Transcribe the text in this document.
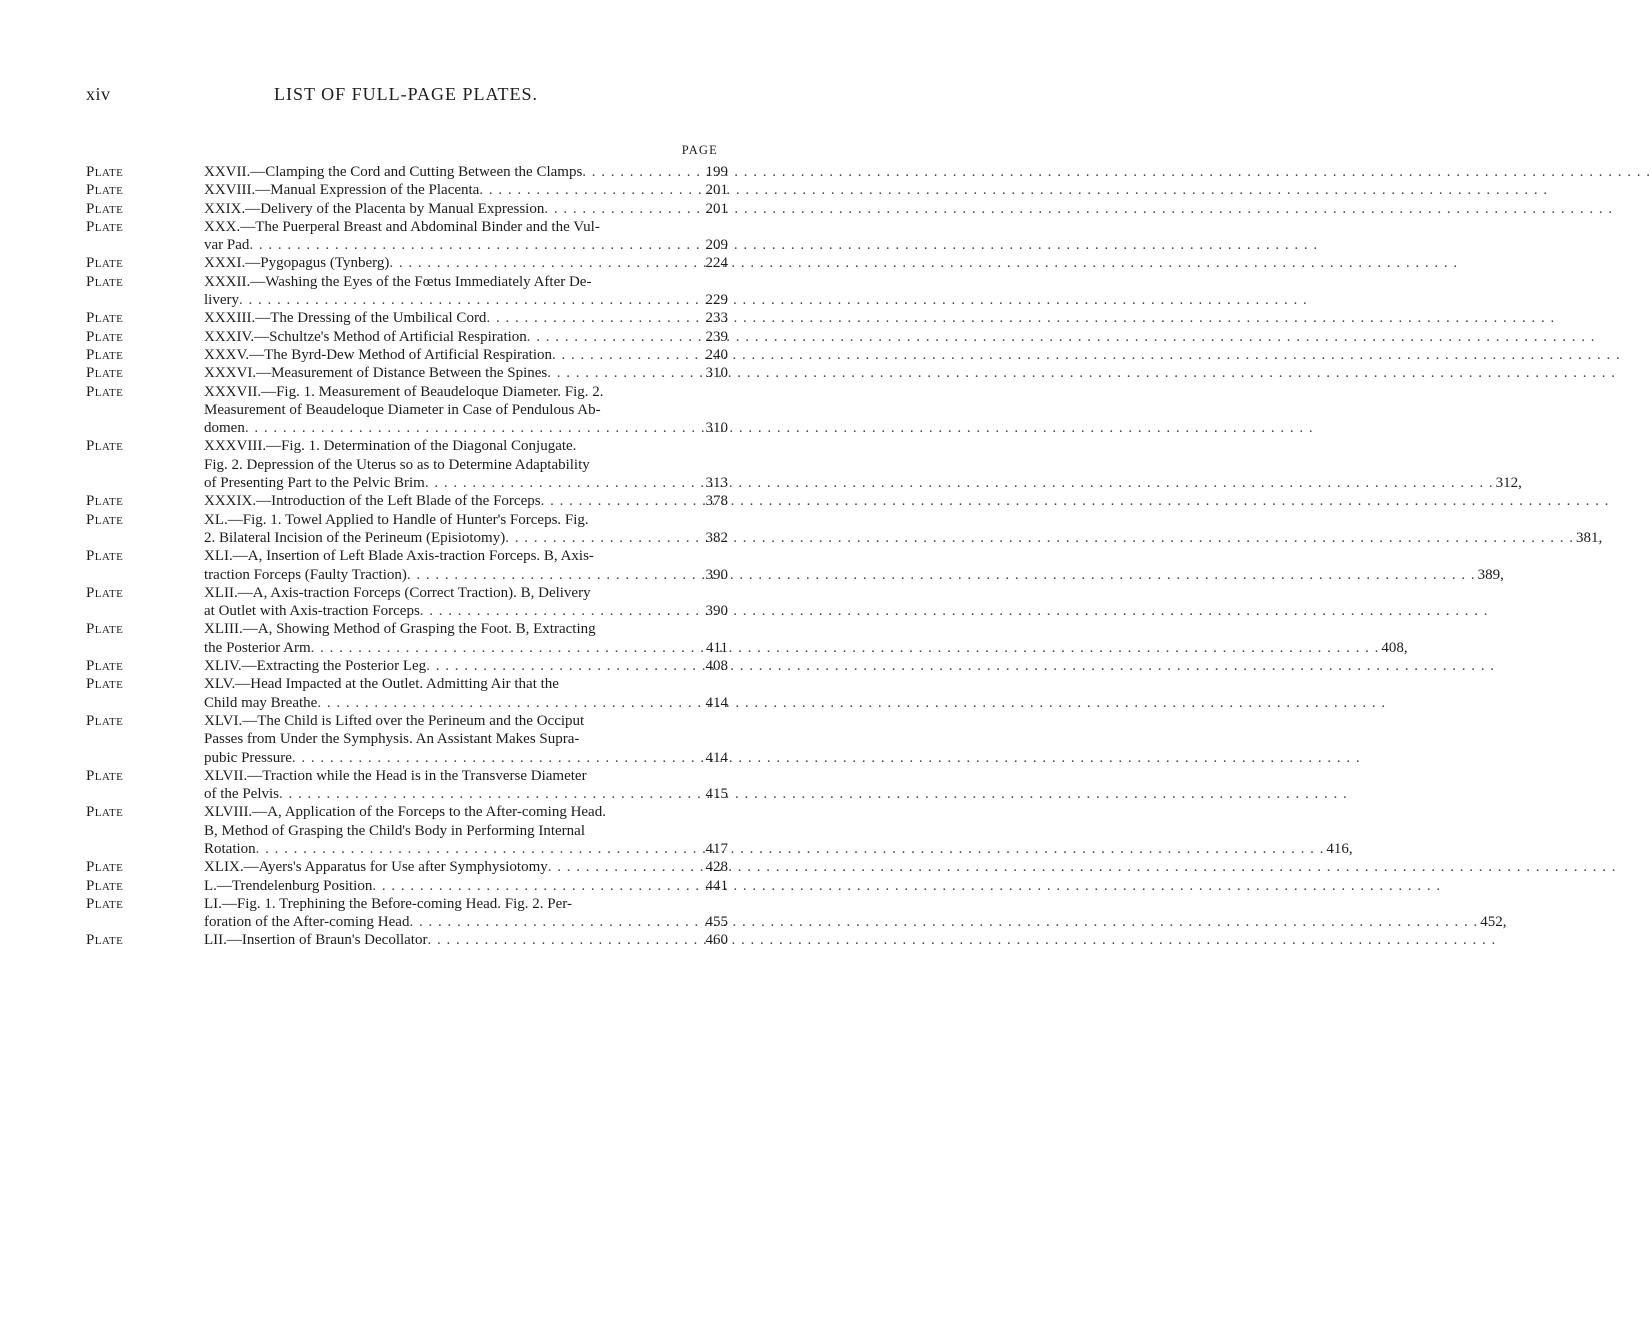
xiv	LIST OF FULL-PAGE PLATES.
PAGE
Plate	XXVII.—Clamping the Cord and Cutting Between the Clamps . . .	199
Plate	XXVIII.—Manual Expression of the Placenta . . .	201
Plate	XXIX.—Delivery of the Placenta by Manual Expression . . .	201
Plate	XXX.—The Puerperal Breast and Abdominal Binder and the Vul-
var Pad . . .	209
Plate	XXXI.—Pygopagus (Tynberg) . . .	224
Plate	XXXII.—Washing the Eyes of the Fœtus Immediately After De-
livery . . .	229
Plate	XXXIII.—The Dressing of the Umbilical Cord . . .	233
Plate	XXXIV.—Schultze's Method of Artificial Respiration . . .	239
Plate	XXXV.—The Byrd-Dew Method of Artificial Respiration . . .	240
Plate	XXXVI.—Measurement of Distance Between the Spines . . .	310
Plate	XXXVII.—Fig. 1. Measurement of Beaudeloque Diameter. Fig. 2.
Measurement of Beaudeloque Diameter in Case of Pendulous Ab-
domen . . .	310
Plate	XXXVIII.—Fig. 1. Determination of the Diagonal Conjugate.
Fig. 2. Depression of the Uterus so as to Determine Adaptability
of Presenting Part to the Pelvic Brim . . .	312,
313
Plate	XXXIX.—Introduction of the Left Blade of the Forceps . . .	378
Plate	XL.—Fig. 1. Towel Applied to Handle of Hunter's Forceps. Fig.
2. Bilateral Incision of the Perineum (Episiotomy) . . .	381,
382
Plate	XLI.—A, Insertion of Left Blade Axis-traction Forceps. B, Axis-
traction Forceps (Faulty Traction) . . .	389,
390
Plate	XLII.—A, Axis-traction Forceps (Correct Traction). B, Delivery
at Outlet with Axis-traction Forceps . . .	390
Plate	XLIII.—A, Showing Method of Grasping the Foot. B, Extracting
the Posterior Arm . . .	408,
411
Plate	XLIV.—Extracting the Posterior Leg . . .	408
Plate	XLV.—Head Impacted at the Outlet. Admitting Air that the
Child may Breathe . . .	414
Plate	XLVI.—The Child is Lifted over the Perineum and the Occiput
Passes from Under the Symphysis. An Assistant Makes Supra-
pubic Pressure . . .	414
Plate	XLVII.—Traction while the Head is in the Transverse Diameter
of the Pelvis . . .	415
Plate	XLVIII.—A, Application of the Forceps to the After-coming Head.
B, Method of Grasping the Child's Body in Performing Internal
Rotation . . .	416,
417
Plate	XLIX.—Ayers's Apparatus for Use after Symphysiotomy . . .	428
Plate	L.—Trendelenburg Position . . .	441
Plate	LI.—Fig. 1. Trephining the Before-coming Head. Fig. 2. Per-
foration of the After-coming Head . . .	452,
455
Plate	LII.—Insertion of Braun's Decollator . . .	460
